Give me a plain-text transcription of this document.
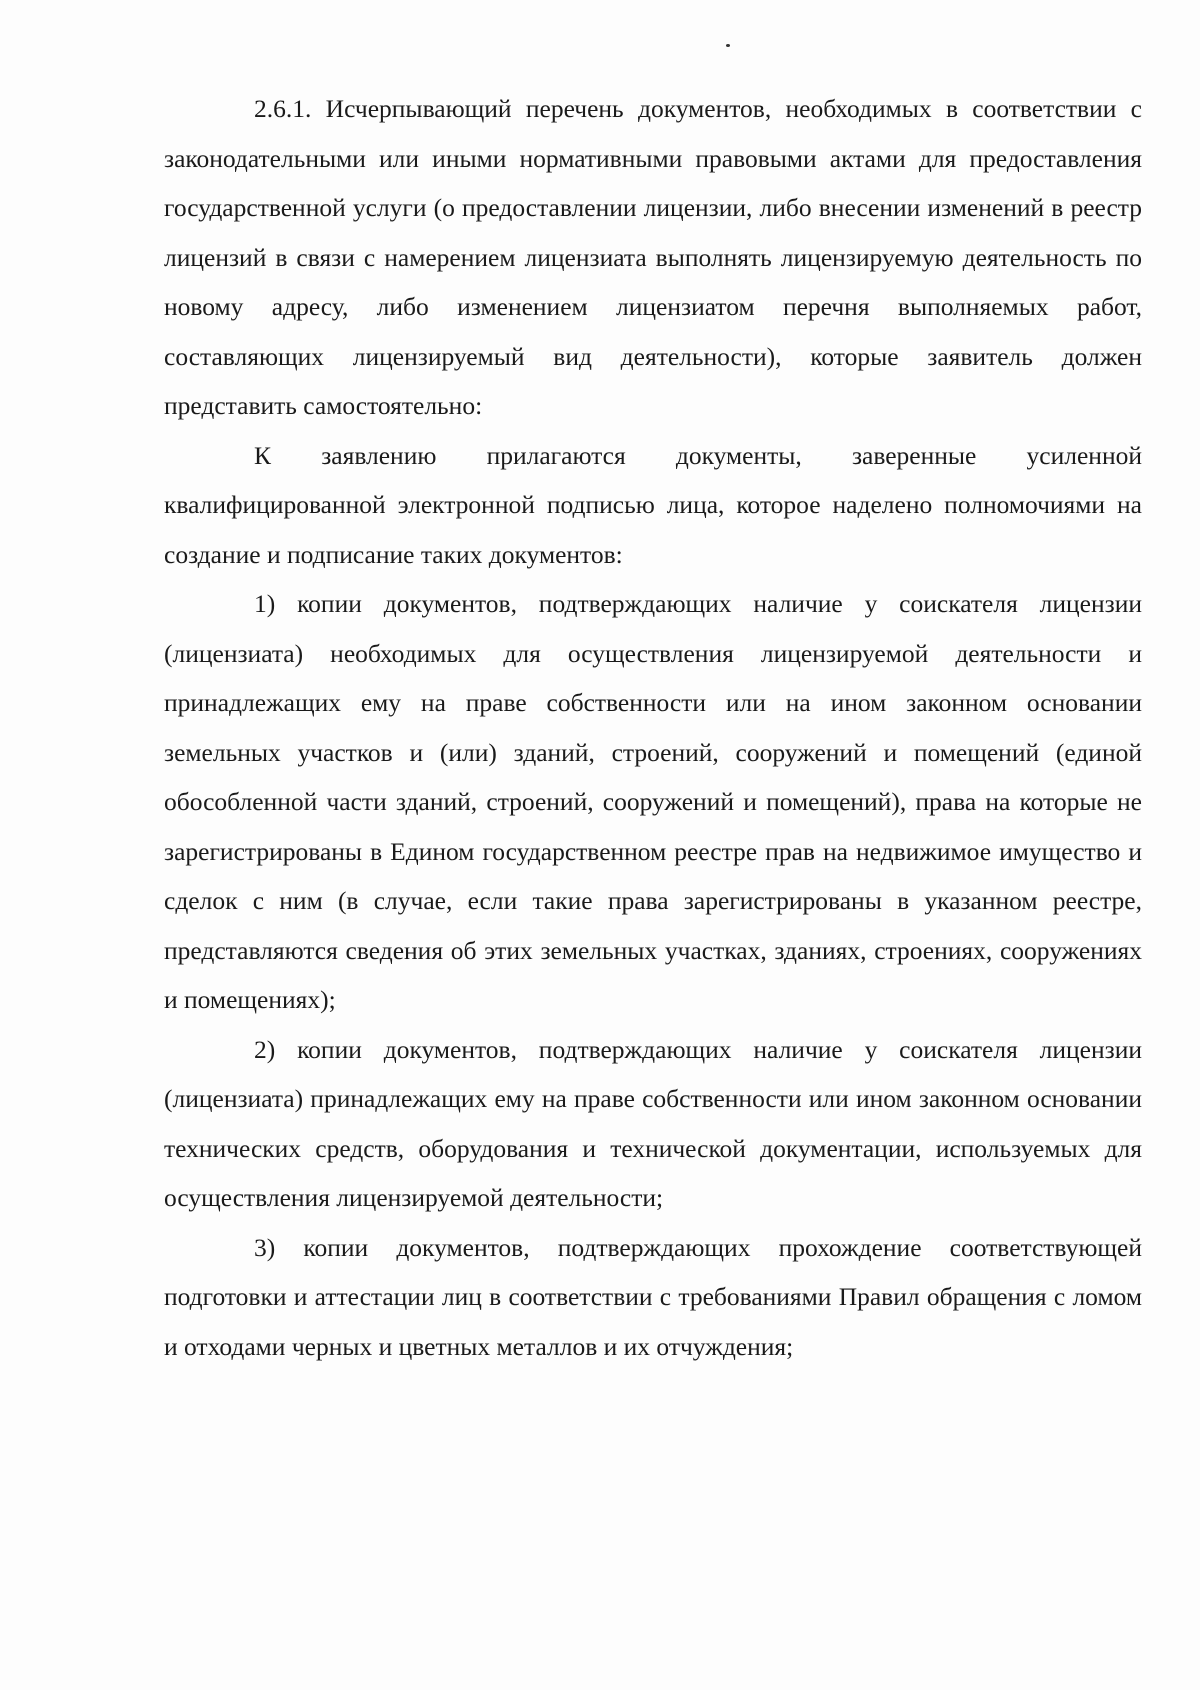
2.6.1. Исчерпывающий перечень документов, необходимых в соответствии с законодательными или иными нормативными правовыми актами для предоставления государственной услуги (о предоставлении лицензии, либо внесении изменений в реестр лицензий в связи с намерением лицензиата выполнять лицензируемую деятельность по новому адресу, либо изменением лицензиатом перечня выполняемых работ, составляющих лицензируемый вид деятельности), которые заявитель должен представить самостоятельно:

К заявлению прилагаются документы, заверенные усиленной квалифицированной электронной подписью лица, которое наделено полномочиями на создание и подписание таких документов:

1) копии документов, подтверждающих наличие у соискателя лицензии (лицензиата) необходимых для осуществления лицензируемой деятельности и принадлежащих ему на праве собственности или на ином законном основании земельных участков и (или) зданий, строений, сооружений и помещений (единой обособленной части зданий, строений, сооружений и помещений), права на которые не зарегистрированы в Едином государственном реестре прав на недвижимое имущество и сделок с ним (в случае, если такие права зарегистрированы в указанном реестре, представляются сведения об этих земельных участках, зданиях, строениях, сооружениях и помещениях);

2) копии документов, подтверждающих наличие у соискателя лицензии (лицензиата) принадлежащих ему на праве собственности или ином законном основании технических средств, оборудования и технической документации, используемых для осуществления лицензируемой деятельности;

3) копии документов, подтверждающих прохождение соответствующей подготовки и аттестации лиц в соответствии с требованиями Правил обращения с ломом и отходами черных и цветных металлов и их отчуждения;
